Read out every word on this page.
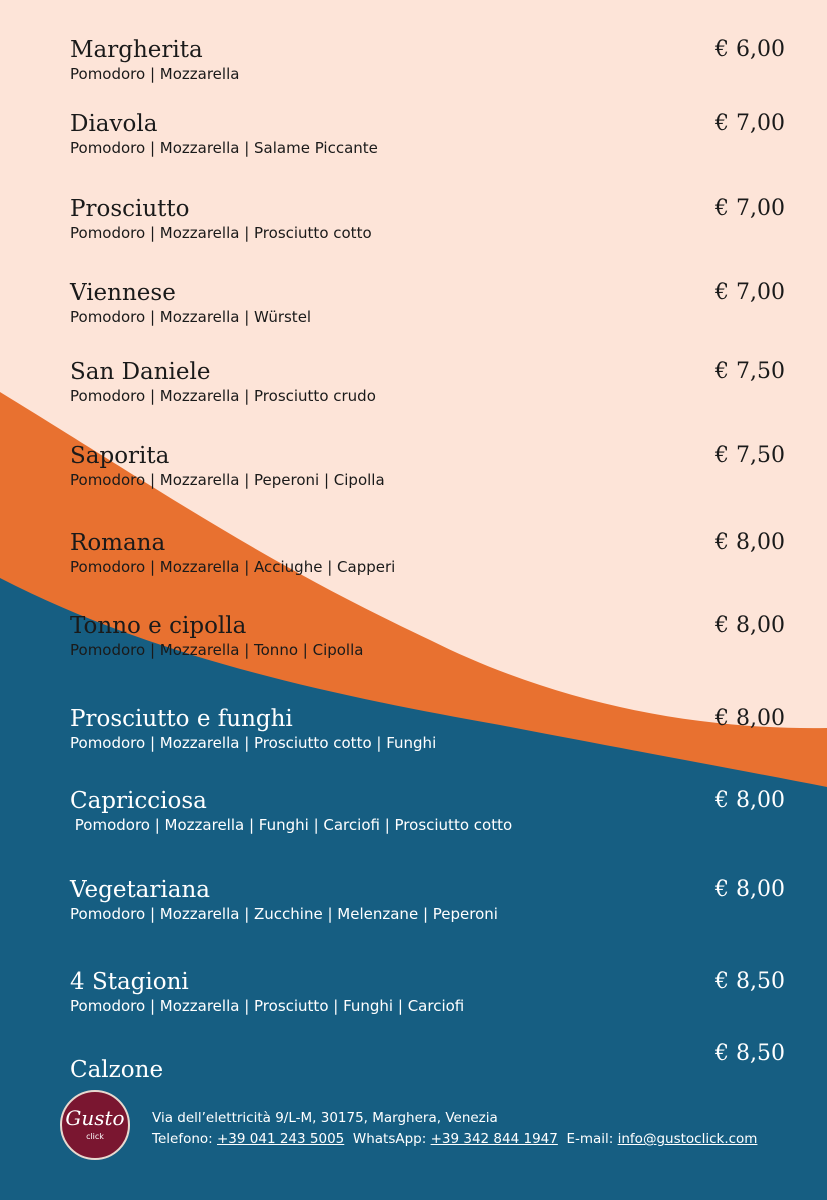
Margherita
Pomodoro | Mozzarella
€ 6,00
Diavola
Pomodoro | Mozzarella | Salame Piccante
€ 7,00
Prosciutto
Pomodoro | Mozzarella | Prosciutto cotto
€ 7,00
Viennese
Pomodoro | Mozzarella | Würstel
€ 7,00
San Daniele
Pomodoro | Mozzarella | Prosciutto crudo
€ 7,50
Saporita
Pomodoro | Mozzarella | Peperoni | Cipolla
€ 7,50
Romana
Pomodoro | Mozzarella | Acciughe | Capperi
€ 8,00
Tonno e cipolla
Pomodoro | Mozzarella | Tonno | Cipolla
€ 8,00
Prosciutto e funghi
Pomodoro | Mozzarella | Prosciutto cotto | Funghi
€ 8,00
Capricciosa
Pomodoro | Mozzarella | Funghi | Carciofi | Prosciutto cotto
€ 8,00
Vegetariana
Pomodoro | Mozzarella | Zucchine | Melenzane | Peperoni
€ 8,00
4 Stagioni
Pomodoro | Mozzarella | Prosciutto | Funghi | Carciofi
€ 8,50
Calzone
€ 8,50
Gusto
click
Via dell’elettricità 9/L-M, 30175, Marghera, Venezia
Telefono: +39 041 243 5005 WhatsApp: +39 342 844 1947 E-mail: info@gustoclick.com
